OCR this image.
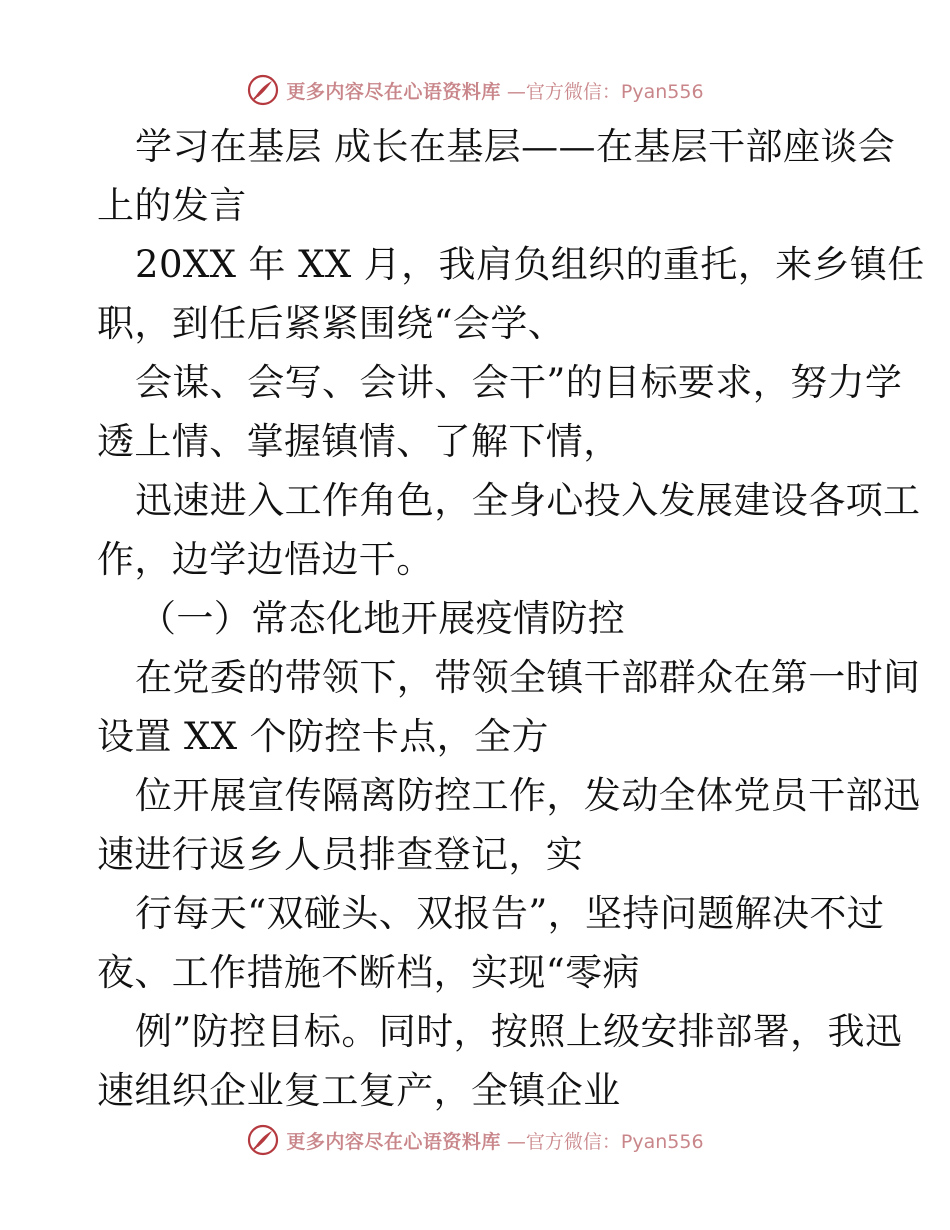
更多内容尽在心语资料库 —官方微信：Pyan556
学习在基层 成长在基层——在基层干部座谈会
上的发言
20XX 年 XX 月，我肩负组织的重托，来乡镇任
职，到任后紧紧围绕“会学、
会谋、会写、会讲、会干”的目标要求，努力学
透上情、掌握镇情、了解下情，
迅速进入工作角色，全身心投入发展建设各项工
作，边学边悟边干。
（一）常态化地开展疫情防控
在党委的带领下，带领全镇干部群众在第一时间
设置 XX 个防控卡点，全方
位开展宣传隔离防控工作，发动全体党员干部迅
速进行返乡人员排查登记，实
行每天“双碰头、双报告”，坚持问题解决不过
夜、工作措施不断档，实现“零病
例”防控目标。同时，按照上级安排部署，我迅
速组织企业复工复产，全镇企业
更多内容尽在心语资料库 —官方微信：Pyan556
